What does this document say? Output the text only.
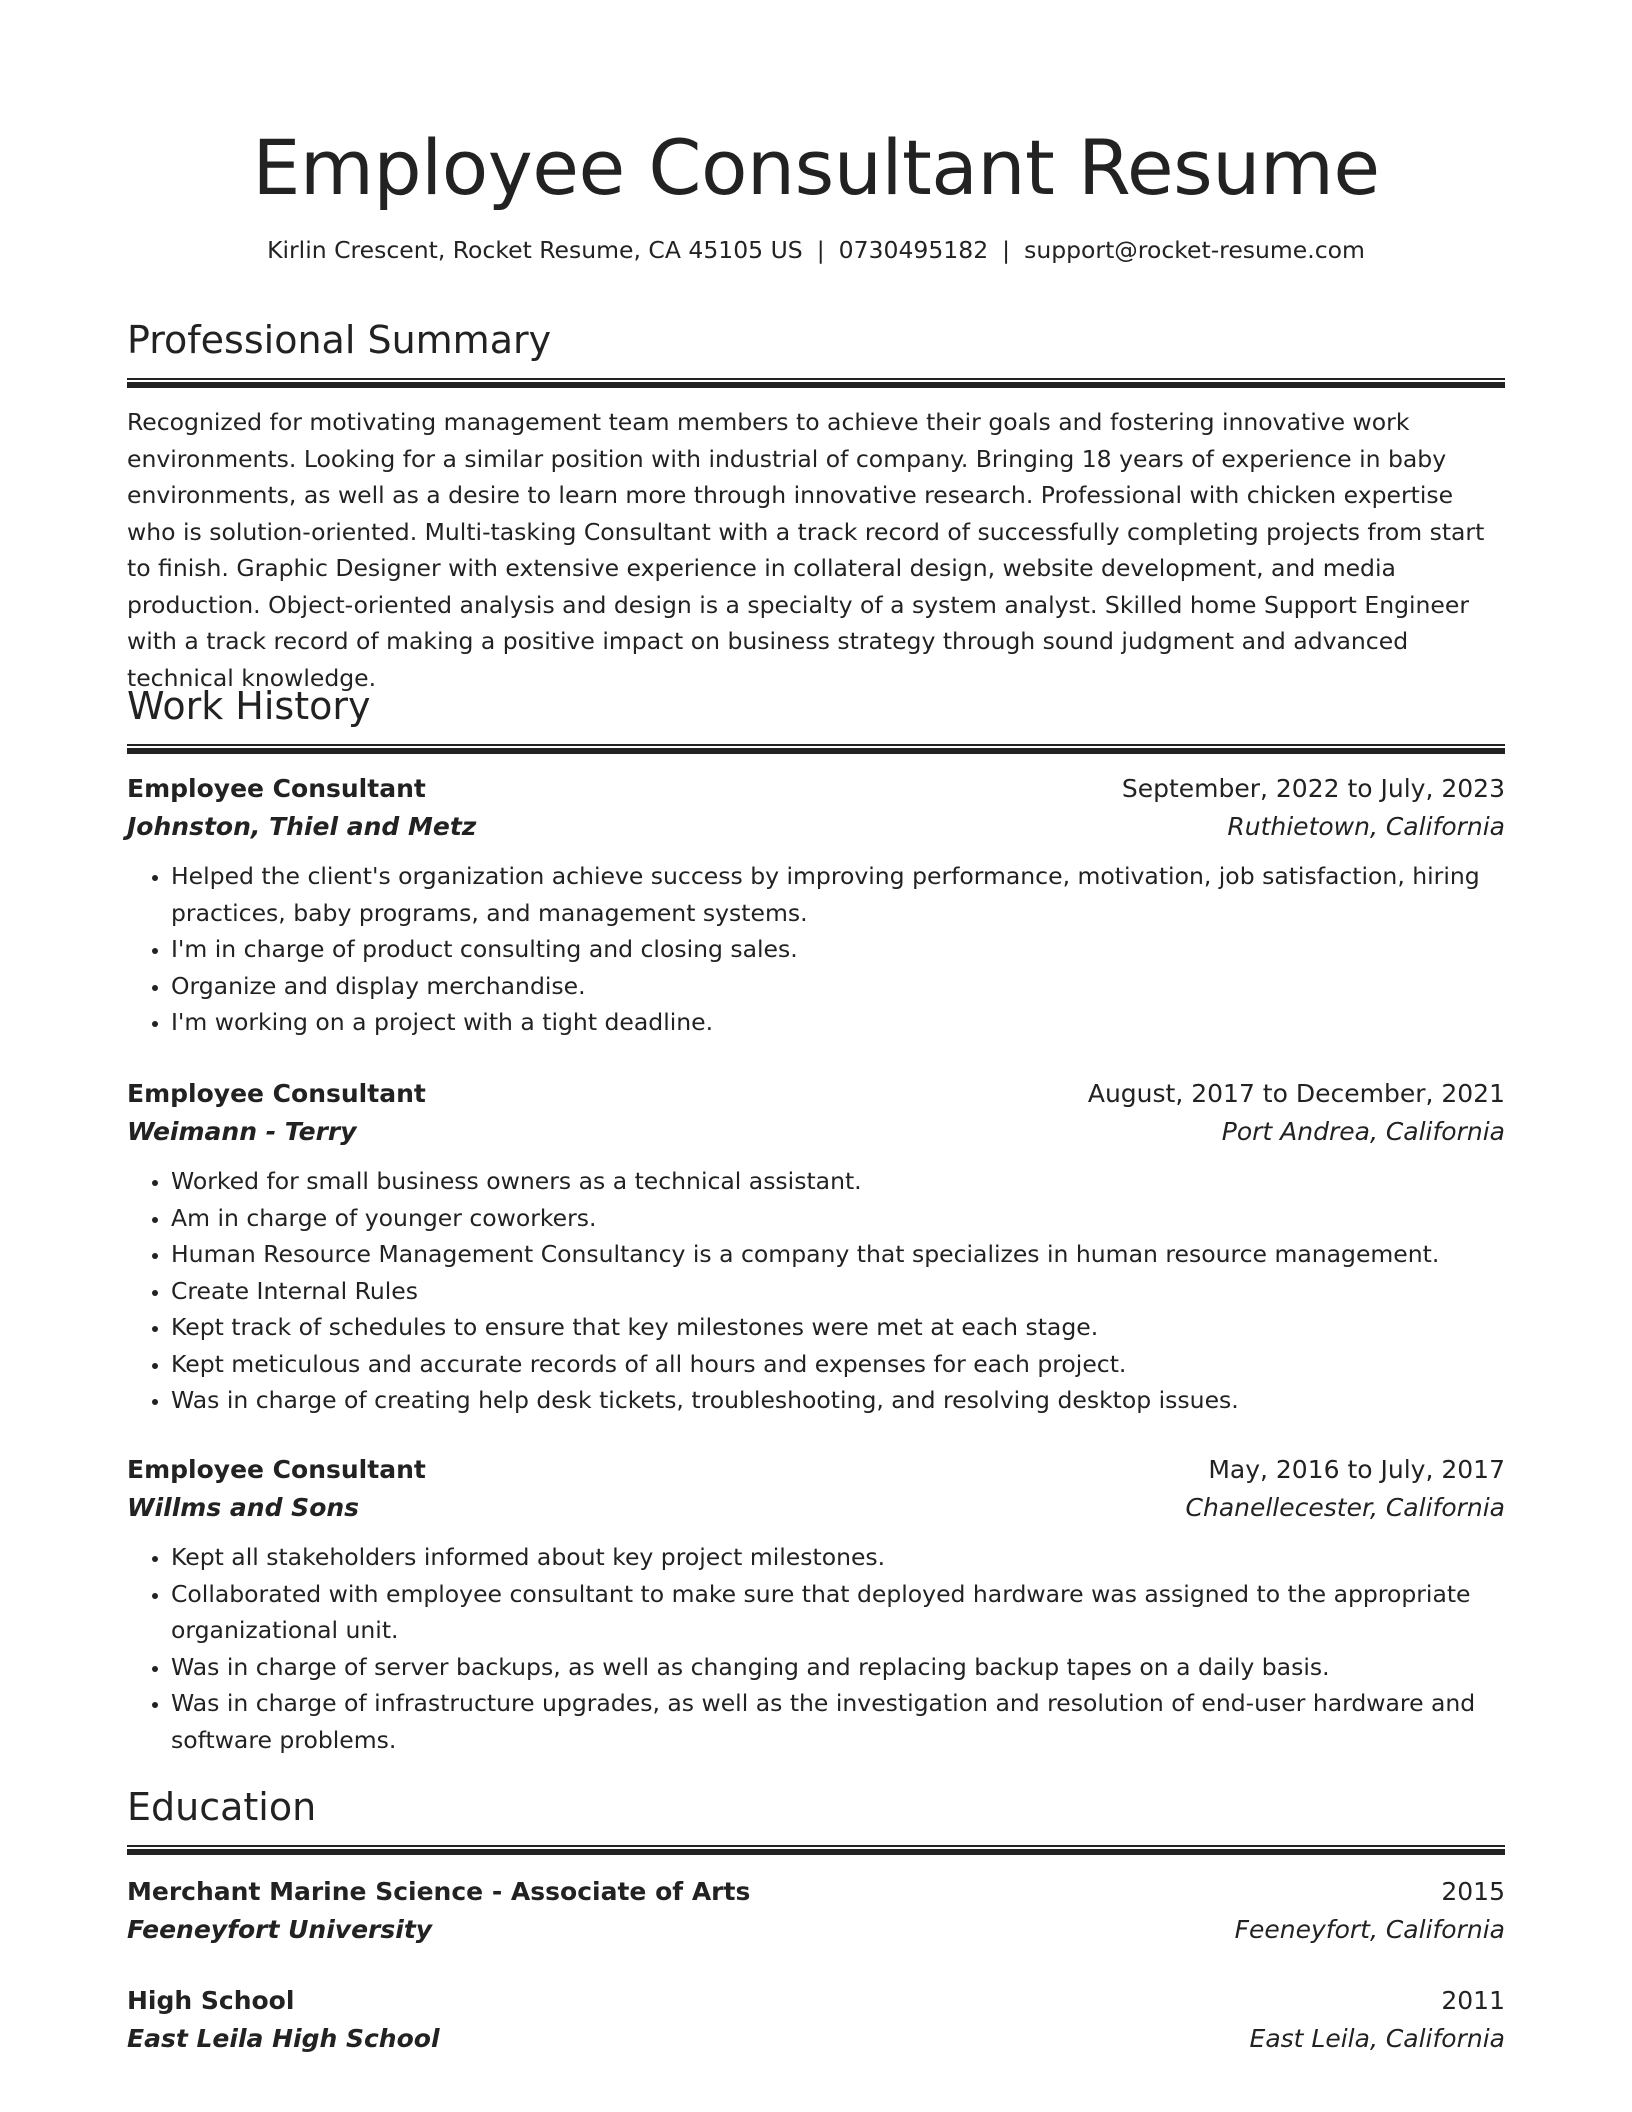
Employee Consultant Resume
Kirlin Crescent, Rocket Resume, CA 45105 US | 0730495182 | support@rocket-resume.com
Professional Summary

Recognized for motivating management team members to achieve their goals and fostering innovative work environments. Looking for a similar position with industrial of company. Bringing 18 years of experience in baby environments, as well as a desire to learn more through innovative research. Professional with chicken expertise who is solution-oriented. Multi-tasking Consultant with a track record of successfully completing projects from start to finish. Graphic Designer with extensive experience in collateral design, website development, and media production. Object-oriented analysis and design is a specialty of a system analyst. Skilled home Support Engineer with a track record of making a positive impact on business strategy through sound judgment and advanced technical knowledge.

Work History
Employee Consultant	September, 2022 to July, 2023
Johnston, Thiel and Metz	Ruthietown, California
• Helped the client's organization achieve success by improving performance, motivation, job satisfaction, hiring practices, baby programs, and management systems.
• I'm in charge of product consulting and closing sales.
• Organize and display merchandise.
• I'm working on a project with a tight deadline.
Employee Consultant	August, 2017 to December, 2021
Weimann - Terry	Port Andrea, California
• Worked for small business owners as a technical assistant.
• Am in charge of younger coworkers.
• Human Resource Management Consultancy is a company that specializes in human resource management.
• Create Internal Rules
• Kept track of schedules to ensure that key milestones were met at each stage.
• Kept meticulous and accurate records of all hours and expenses for each project.
• Was in charge of creating help desk tickets, troubleshooting, and resolving desktop issues.
Employee Consultant	May, 2016 to July, 2017
Willms and Sons	Chanellecester, California
• Kept all stakeholders informed about key project milestones.
• Collaborated with employee consultant to make sure that deployed hardware was assigned to the appropriate organizational unit.
• Was in charge of server backups, as well as changing and replacing backup tapes on a daily basis.
• Was in charge of infrastructure upgrades, as well as the investigation and resolution of end-user hardware and software problems.
Education
Merchant Marine Science - Associate of Arts	2015
Feeneyfort University	Feeneyfort, California
High School	2011
East Leila High School	East Leila, California
